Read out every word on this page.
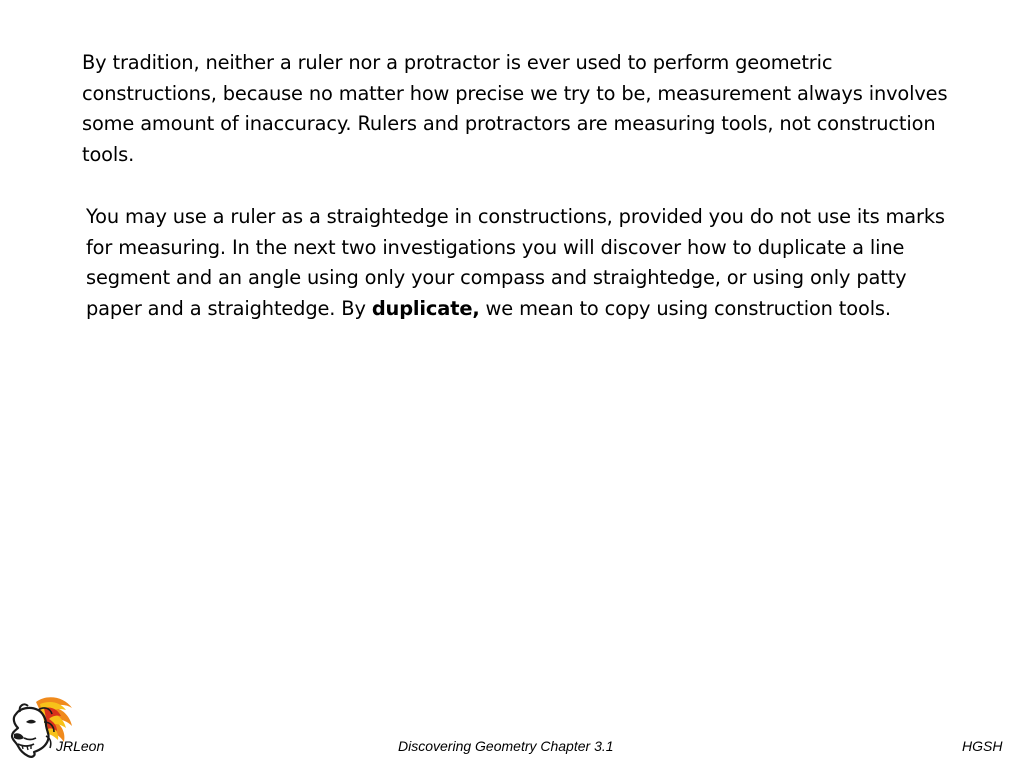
By tradition, neither a ruler nor a protractor is ever used to perform geometric constructions, because no matter how precise we try to be, measurement always involves some amount of inaccuracy. Rulers and protractors are measuring tools, not construction tools.

You may use a ruler as a straightedge in constructions, provided you do not use its marks for measuring. In the next two investigations you will discover how to duplicate a line segment and an angle using only your compass and straightedge, or using only patty paper and a straightedge. By duplicate, we mean to copy using construction tools.

JRLeon	Discovering Geometry Chapter 3.1	HGSH
